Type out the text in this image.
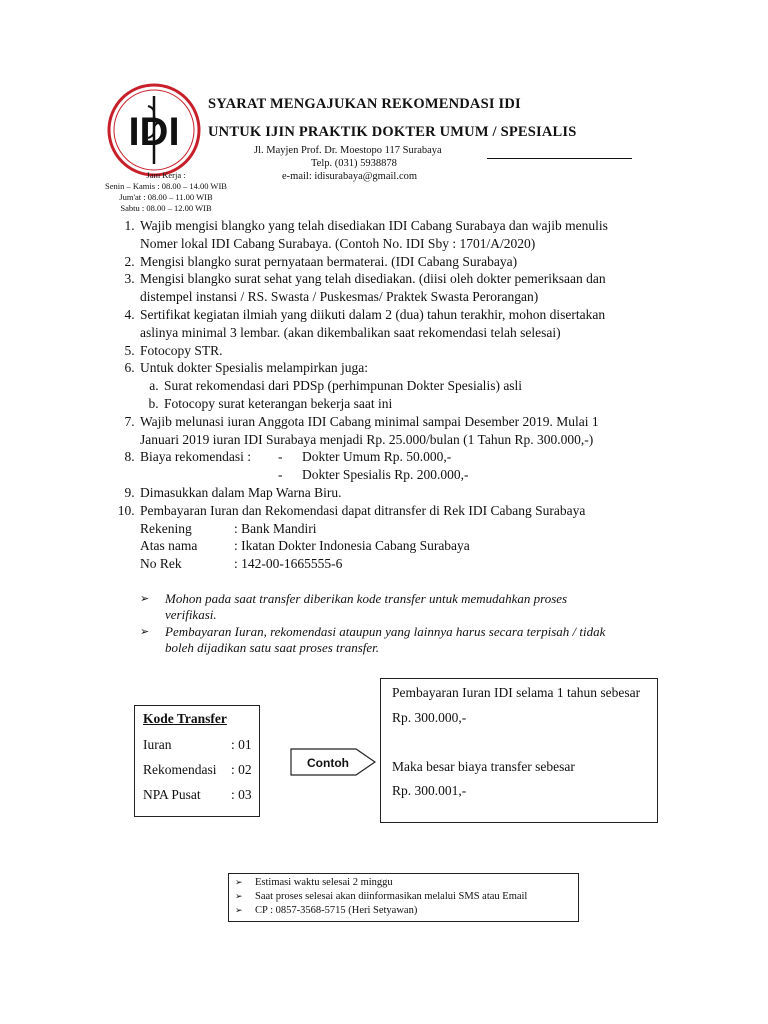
IDI
SYARAT MENGAJUKAN REKOMENDASI IDI
UNTUK IJIN PRAKTIK DOKTER UMUM / SPESIALIS
Jl. Mayjen Prof. Dr. Moestopo 117 Surabaya
Telp. (031) 5938878
e-mail: idisurabaya@gmail.com
Jam Kerja :
Senin – Kamis : 08.00 – 14.00 WIB
Jum'at : 08.00 – 11.00 WIB
Sabtu : 08.00 – 12.00 WIB
1. Wajib mengisi blangko yang telah disediakan IDI Cabang Surabaya dan wajib menulis
Nomer lokal IDI Cabang Surabaya. (Contoh No. IDI Sby : 1701/A/2020)
2. Mengisi blangko surat pernyataan bermaterai. (IDI Cabang Surabaya)
3. Mengisi blangko surat sehat yang telah disediakan. (diisi oleh dokter pemeriksaan dan
distempel instansi / RS. Swasta / Puskesmas/ Praktek Swasta Perorangan)
4. Sertifikat kegiatan ilmiah yang diikuti dalam 2 (dua) tahun terakhir, mohon disertakan
aslinya minimal 3 lembar. (akan dikembalikan saat rekomendasi telah selesai)
5. Fotocopy STR.
6. Untuk dokter Spesialis melampirkan juga:
a. Surat rekomendasi dari PDSp (perhimpunan Dokter Spesialis) asli
b. Fotocopy surat keterangan bekerja saat ini
7. Wajib melunasi iuran Anggota IDI Cabang minimal sampai Desember 2019. Mulai 1
Januari 2019 iuran IDI Surabaya menjadi Rp. 25.000/bulan (1 Tahun Rp. 300.000,-)
8. Biaya rekomendasi : - Dokter Umum Rp. 50.000,-
- Dokter Spesialis Rp. 200.000,-
9. Dimasukkan dalam Map Warna Biru.
10. Pembayaran Iuran dan Rekomendasi dapat ditransfer di Rek IDI Cabang Surabaya
Rekening	: Bank Mandiri
Atas nama	: Ikatan Dokter Indonesia Cabang Surabaya
No Rek	: 142-00-1665555-6
➢ Mohon pada saat transfer diberikan kode transfer untuk memudahkan proses
verifikasi.
➢ Pembayaran Iuran, rekomendasi ataupun yang lainnya harus secara terpisah / tidak
boleh dijadikan satu saat proses transfer.
Kode Transfer
Iuran	: 01
Rekomendasi : 02
NPA Pusat : 03
Contoh
Pembayaran Iuran IDI selama 1 tahun sebesar
Rp. 300.000,-
Maka besar biaya transfer sebesar
Rp. 300.001,-
➢ Estimasi waktu selesai 2 minggu
➢ Saat proses selesai akan diinformasikan melalui SMS atau Email
➢ CP : 0857-3568-5715 (Heri Setyawan)
